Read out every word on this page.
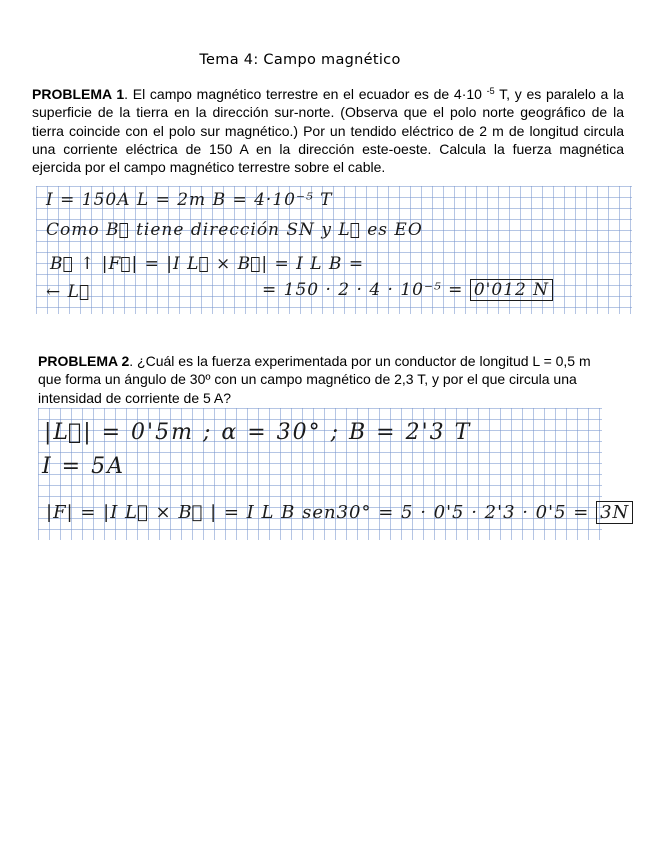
Tema 4: Campo magnético
PROBLEMA 1. El campo magnético terrestre en el ecuador es de 4·10 $^{-5}$ T, y es paralelo a la superficie de la tierra en la dirección sur-norte. (Observa que el polo norte geográfico de la tierra coincide con el polo sur magnético.) Por un tendido eléctrico de 2 m de longitud circula una corriente eléctrica de 150 A en la dirección este-oeste. Calcula la fuerza magnética ejercida por el campo magnético terrestre sobre el cable.
I = 150A L = 2m B = 4·10⁻⁵ T
Como B⃗ tiene dirección SN y L⃗ es EO
B⃗ ↑ |F⃗| = |I L⃗ × B⃗| = I L B =
← L⃗	= 150 · 2 · 4 · 10⁻⁵ = 0'012 N
PROBLEMA 2. ¿Cuál es la fuerza experimentada por un conductor de longitud L = 0,5 m que forma un ángulo de 30º con un campo magnético de 2,3 T, y por el que circula una intensidad de corriente de 5 A?
|L⃗| = 0'5m ; α = 30° ; B = 2'3 T
I = 5A
|F| = |I L⃗ × B⃗ | = I L B sen30° = 5 · 0'5 · 2'3 · 0'5 = 3N
